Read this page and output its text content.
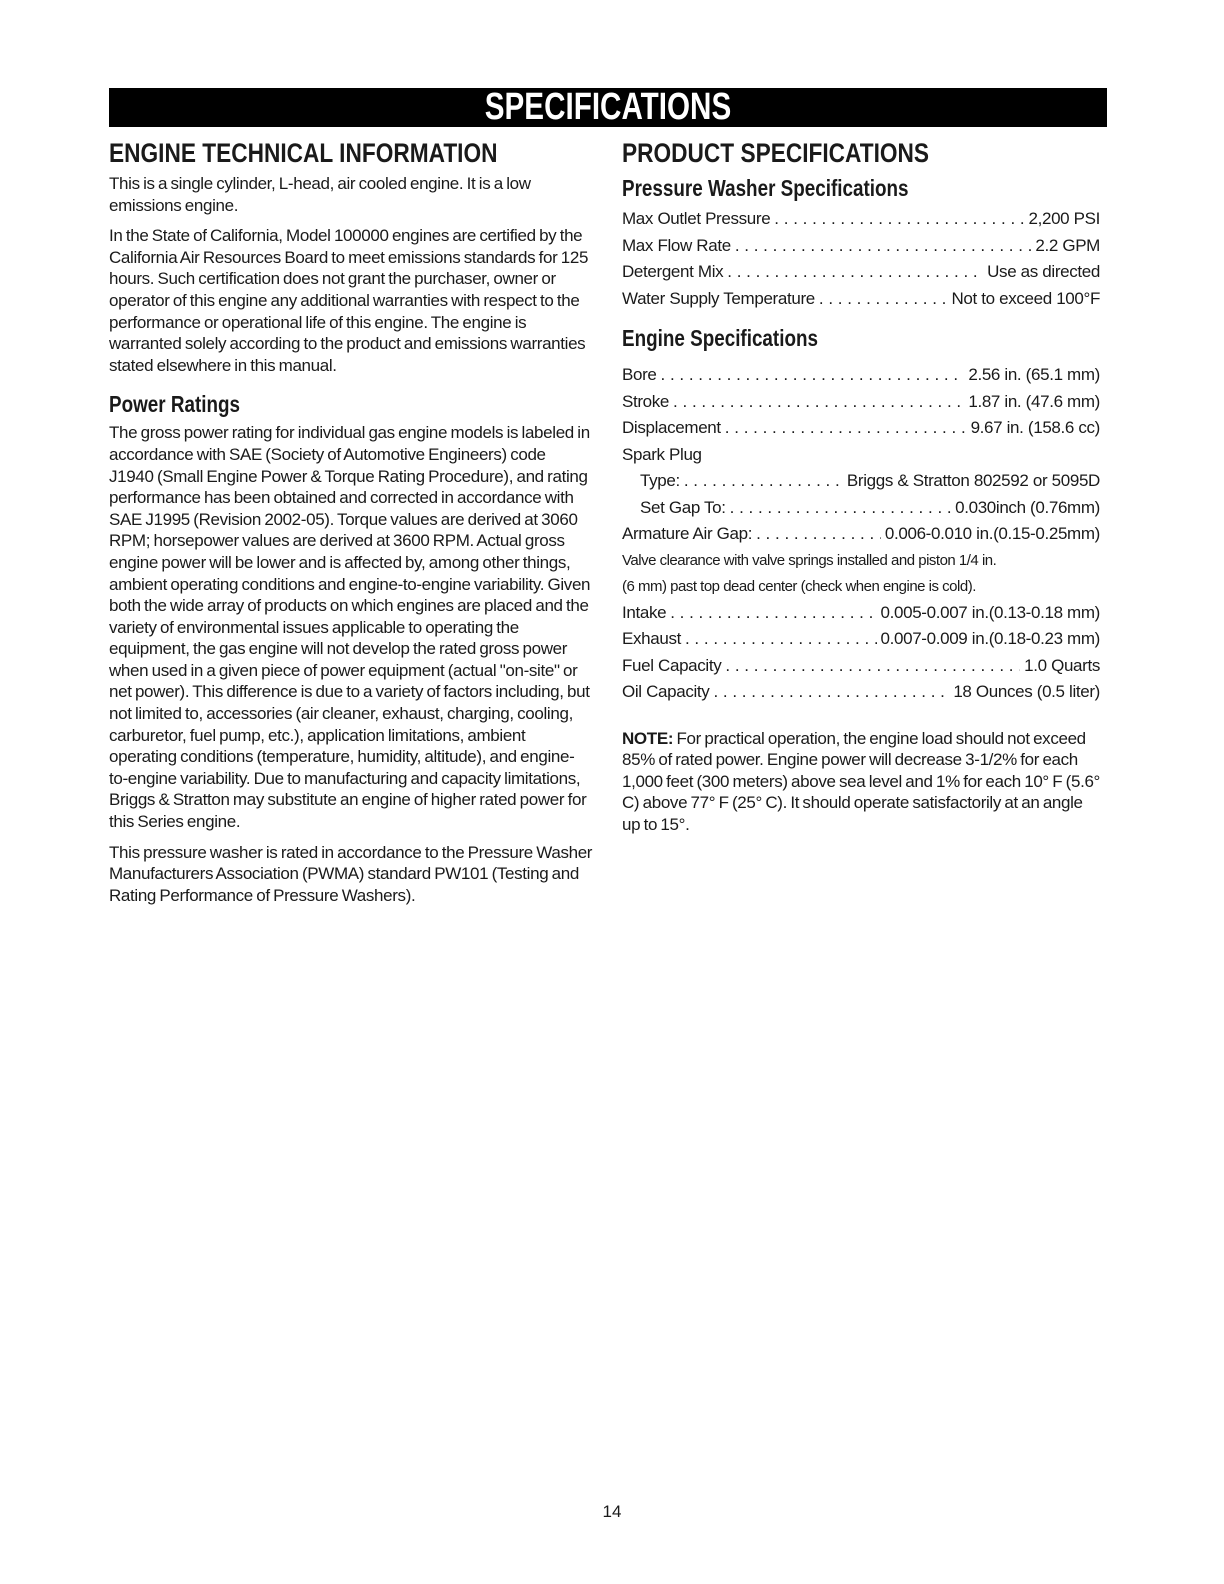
SPECIFICATIONS
ENGINE TECHNICAL INFORMATION

This is a single cylinder, L-head, air cooled engine. It is a low emissions engine.

In the State of California, Model 100000 engines are certified by the California Air Resources Board to meet emissions standards for 125 hours. Such certification does not grant the purchaser, owner or operator of this engine any additional warranties with respect to the performance or operational life of this engine. The engine is warranted solely according to the product and emissions warranties stated elsewhere in this manual.

Power Ratings

The gross power rating for individual gas engine models is labeled in accordance with SAE (Society of Automotive Engineers) code J1940 (Small Engine Power & Torque Rating Procedure), and rating performance has been obtained and corrected in accordance with SAE J1995 (Revision 2002-05). Torque values are derived at 3060 RPM; horsepower values are derived at 3600 RPM. Actual gross engine power will be lower and is affected by, among other things, ambient operating conditions and engine-to-engine variability. Given both the wide array of products on which engines are placed and the variety of environmental issues applicable to operating the equipment, the gas engine will not develop the rated gross power when used in a given piece of power equipment (actual "on-site" or net power). This difference is due to a variety of factors including, but not limited to, accessories (air cleaner, exhaust, charging, cooling, carburetor, fuel pump, etc.), application limitations, ambient operating conditions (temperature, humidity, altitude), and engine-to-engine variability. Due to manufacturing and capacity limitations, Briggs & Stratton may substitute an engine of higher rated power for this Series engine.

This pressure washer is rated in accordance to the Pressure Washer Manufacturers Association (PWMA) standard PW101 (Testing and Rating Performance of Pressure Washers).

PRODUCT SPECIFICATIONS
Pressure Washer Specifications
Max Outlet Pressure . . .	2,200 PSI
Max Flow Rate . . .	2.2 GPM
Detergent Mix . . .	Use as directed
Water Supply Temperature . . .	Not to exceed 100°F
Engine Specifications
Bore . . .	2.56 in. (65.1 mm)
Stroke . . .	1.87 in. (47.6 mm)
Displacement . . .	9.67 in. (158.6 cc)
Spark Plug
Type: . . .	Briggs & Stratton 802592 or 5095D
Set Gap To: . . .	0.030inch (0.76mm)
Armature Air Gap: . . .	0.006-0.010 in.(0.15-0.25mm)
Valve clearance with valve springs installed and piston 1/4 in.
(6 mm) past top dead center (check when engine is cold).
Intake . . .	0.005-0.007 in.(0.13-0.18 mm)
Exhaust . . .	0.007-0.009 in.(0.18-0.23 mm)
Fuel Capacity . . .	1.0 Quarts
Oil Capacity . . .	18 Ounces (0.5 liter)

NOTE: For practical operation, the engine load should not exceed 85% of rated power. Engine power will decrease 3-1/2% for each 1,000 feet (300 meters) above sea level and 1% for each 10° F (5.6° C) above 77° F (25° C). It should operate satisfactorily at an angle up to 15°.

14
